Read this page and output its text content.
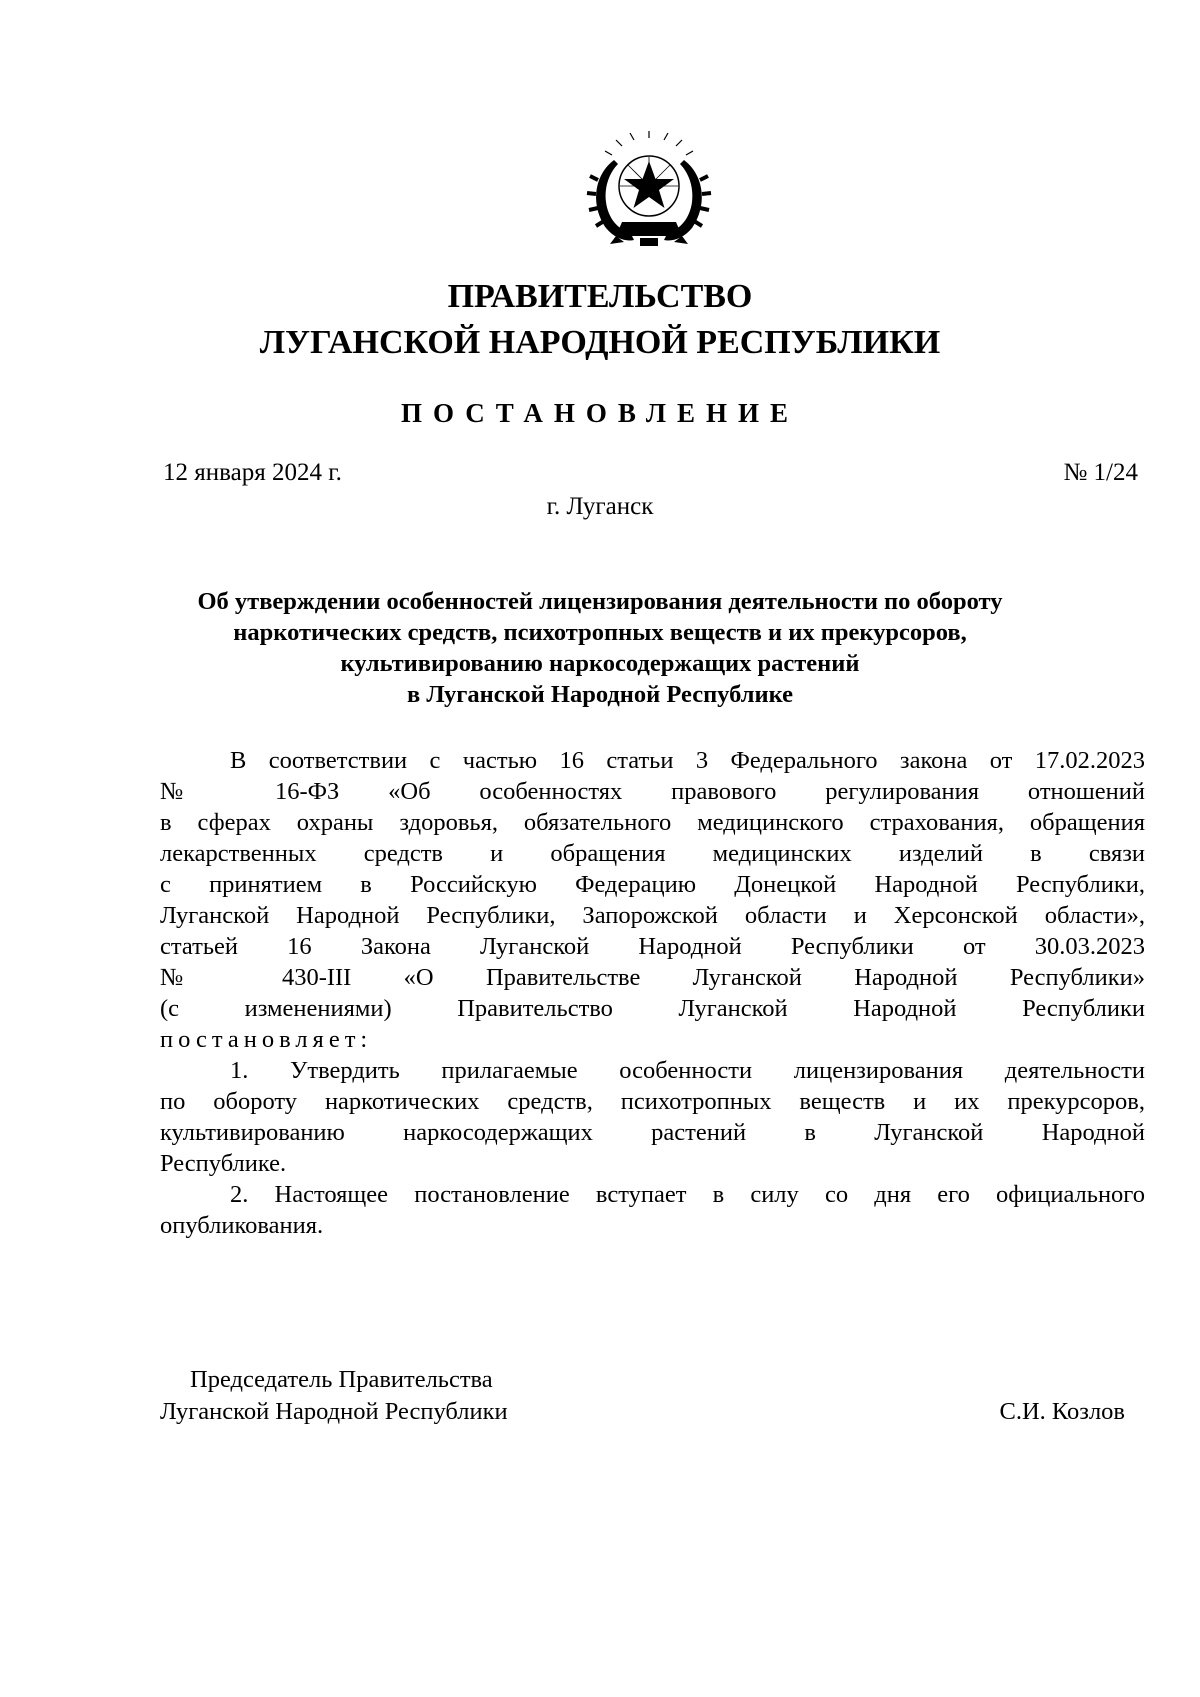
ПРАВИТЕЛЬСТВО
ЛУГАНСКОЙ НАРОДНОЙ РЕСПУБЛИКИ
ПОСТАНОВЛЕНИЕ
12 января 2024 г.	№ 1/24
г. Луганск
Об утверждении особенностей лицензирования деятельности по обороту
наркотических средств, психотропных веществ и их прекурсоров,
культивированию наркосодержащих растений
в Луганской Народной Республике
В соответствии с частью 16 статьи 3 Федерального закона от 17.02.2023
№ 16-ФЗ «Об особенностях правового регулирования отношений
в сферах охраны здоровья, обязательного медицинского страхования, обращения
лекарственных средств и обращения медицинских изделий в связи
с принятием в Российскую Федерацию Донецкой Народной Республики,
Луганской Народной Республики, Запорожской области и Херсонской области»,
статьей 16 Закона Луганской Народной Республики от 30.03.2023
№ 430-III «О Правительстве Луганской Народной Республики»
(с изменениями) Правительство Луганской Народной Республики
постановляет:
1. Утвердить прилагаемые особенности лицензирования деятельности
по обороту наркотических средств, психотропных веществ и их прекурсоров,
культивированию наркосодержащих растений в Луганской Народной
Республике.
2. Настоящее постановление вступает в силу со дня его официального
опубликования.
Председатель Правительства
Луганской Народной Республики	С.И. Козлов
